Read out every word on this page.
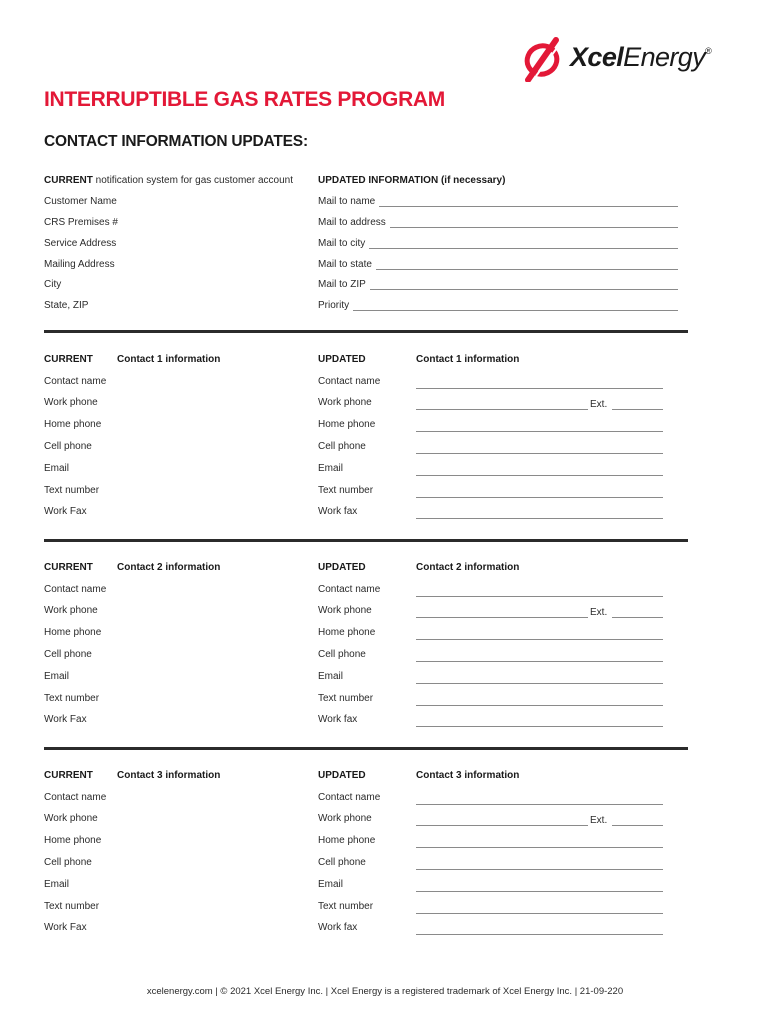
XcelEnergy®
INTERRUPTIBLE GAS RATES PROGRAM
CONTACT INFORMATION UPDATES:
CURRENT notification system for gas customer account	UPDATED INFORMATION (if necessary)
Customer Name	Mail to name
CRS Premises #	Mail to address
Service Address	Mail to city
Mailing Address	Mail to state
City	Mail to ZIP
State, ZIP	Priority
CURRENT Contact 1 information	UPDATED	Contact 1 information
Contact name	Contact name
Work phone	Work phone	Ext.
Home phone	Home phone
Cell phone	Cell phone
Email	Email
Text number	Text number
Work Fax	Work fax
CURRENT Contact 2 information	UPDATED	Contact 2 information
Contact name	Contact name
Work phone	Work phone	Ext.
Home phone	Home phone
Cell phone	Cell phone
Email	Email
Text number	Text number
Work Fax	Work fax
CURRENT Contact 3 information	UPDATED	Contact 3 information
Contact name	Contact name
Work phone	Work phone	Ext.
Home phone	Home phone
Cell phone	Cell phone
Email	Email
Text number	Text number
Work Fax	Work fax
xcelenergy.com | © 2021 Xcel Energy Inc. | Xcel Energy is a registered trademark of Xcel Energy Inc. | 21-09-220
